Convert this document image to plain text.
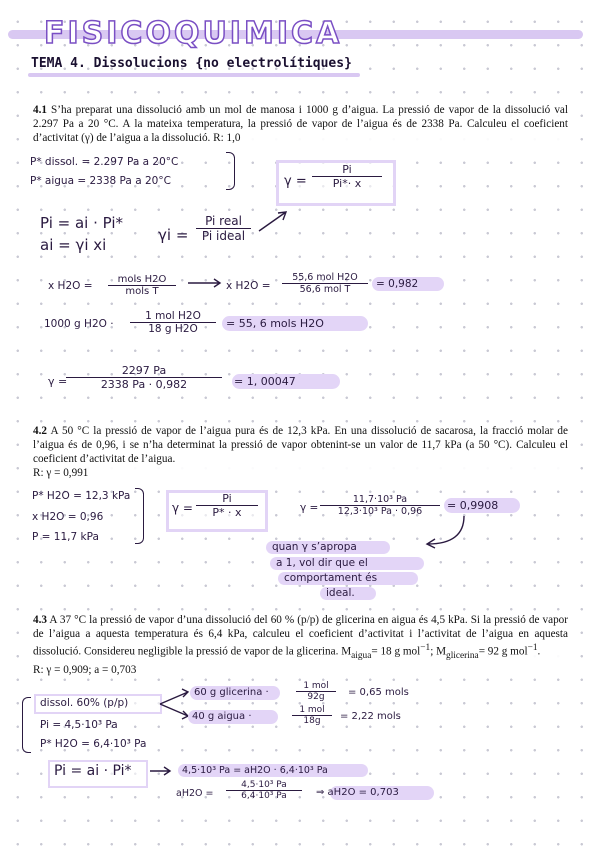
FISICOQUIMICA
TEMA 4. Dissolucions {no electrolítiques}
4.1 S’ha preparat una dissolució amb un mol de manosa i 1000 g d’aigua. La pressió de vapor de la dissolució val 2.297 Pa a 20 °C. A la mateixa temperatura, la pressió de vapor de l’aigua és de 2338 Pa. Calculeu el coeficient d’activitat (γ) de l’aigua a la dissolució. R: 1,0
P* dissol. = 2.297 Pa a 20°C
P* aigua = 2338 Pa a 20°C	$\gamma = \frac{Pi}{Pi*\cdot x}$
Pi = ai · Pi*
ai = γi xi
γi =
Pi real
Pi ideal
x H2O =
mols H2O
mols T	x H2O =
55,6 mol H2O
56,6 mol T	= 0,982
1000 g H2O ·
1 mol H2O
18 g H2O	= 55, 6 mols H2O
γ =
$\frac{2297 Pa}{2338 Pa \cdot 0,982} = 1$, 00047
4.2 A 50 °C la pressió de vapor de l’aigua pura és de 12,3 kPa. En una dissolució de sacarosa, la fracció molar de l’aigua és de 0,96, i se n’ha determinat la pressió de vapor obtenint-se un valor de 11,7 kPa (a 50 °C). Calculeu el coeficient d’activitat de l’aigua.
R: γ = 0,991
P* H2O = 12,3 kPa
x H2O = 0,96
P = 11,7 kPa
$\gamma = \frac{Pi}{P* \cdot x}$	$\gamma = \frac{\text{11,7·10³ Pa}}{\text{12,3·10³ Pa · 0,96}} = 0,9908$
quan γ s’apropa
a 1, vol dir que el
comportament és
ideal.
4.3 A 37 °C la pressió de vapor d’una dissolució del 60 % (p/p) de glicerina en aigua és 4,5 kPa. Si la pressió de vapor de l’aigua a aquesta temperatura és 6,4 kPa, calculeu el coeficient d’activitat i l’activitat de l’aigua en aquesta dissolució. Considereu negligible la pressió de vapor de la glicerina. $M_{aigua}= 18$ g mol$^{-1}$; $M_{glicerina}= 92$ g mol$^{-1}$.
R: γ = 0,909; a = 0,703
dissol. 60% (p/p)
Pi = 4,5·10³ Pa
P* H2O = 6,4·10³ Pa
60 g glicerina ·
1 mol
92g	= 0,65 mols
40 g aigua ·
1 mol
18g	= 2,22 mols
Pi = ai · Pi*	4,5·10³ Pa = aH2O · 6,4·10³ Pa
$aH2O = \frac{\text{4,5·10³ Pa}}{\text{6,4·10³ Pa}}$ ⇒ aH2O = 0,703
